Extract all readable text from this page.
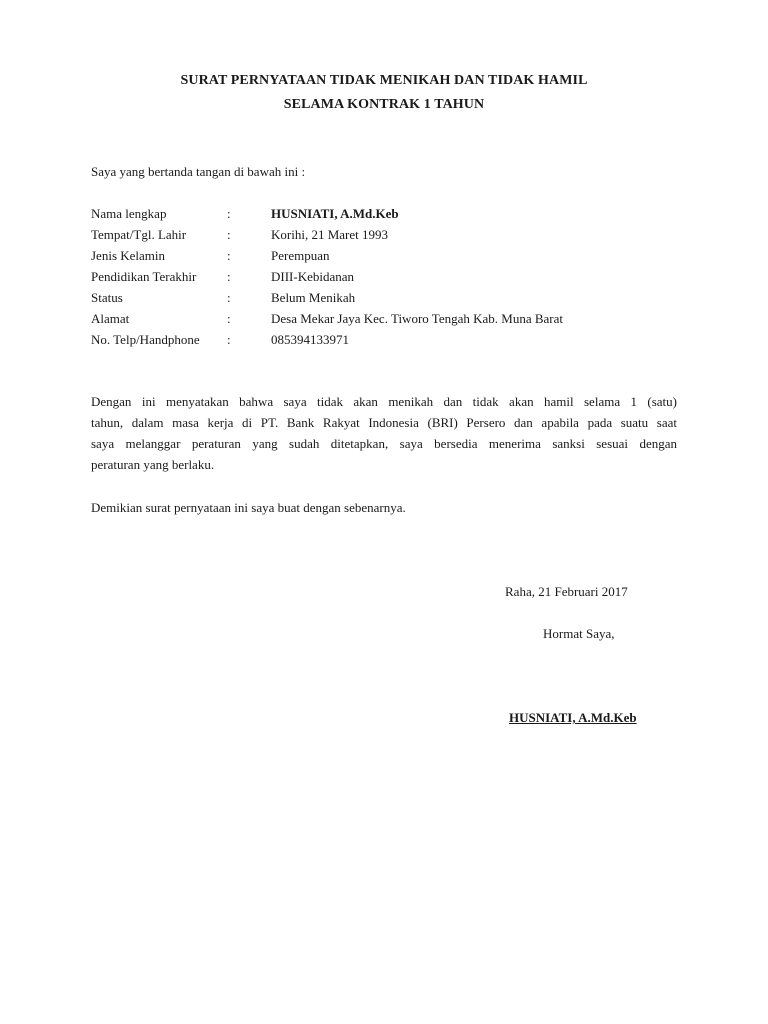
SURAT PERNYATAAN TIDAK MENIKAH DAN TIDAK HAMIL
SELAMA KONTRAK 1 TAHUN
Saya yang bertanda tangan di bawah ini :
Nama lengkap	:	HUSNIATI, A.Md.Keb
Tempat/Tgl. Lahir	:	Korihi, 21 Maret 1993
Jenis Kelamin	:	Perempuan
Pendidikan Terakhir :	DIII-Kebidanan
Status	:	Belum Menikah
Alamat	:	Desa Mekar Jaya Kec. Tiworo Tengah Kab. Muna Barat
No. Telp/Handphone :	085394133971
Dengan ini menyatakan bahwa saya tidak akan menikah dan tidak akan hamil selama 1 (satu)
tahun, dalam masa kerja di PT. Bank Rakyat Indonesia (BRI) Persero dan apabila pada suatu saat
saya melanggar peraturan yang sudah ditetapkan, saya bersedia menerima sanksi sesuai dengan
peraturan yang berlaku.
Demikian surat pernyataan ini saya buat dengan sebenarnya.
Raha, 21 Februari 2017
Hormat Saya,
HUSNIATI, A.Md.Keb
